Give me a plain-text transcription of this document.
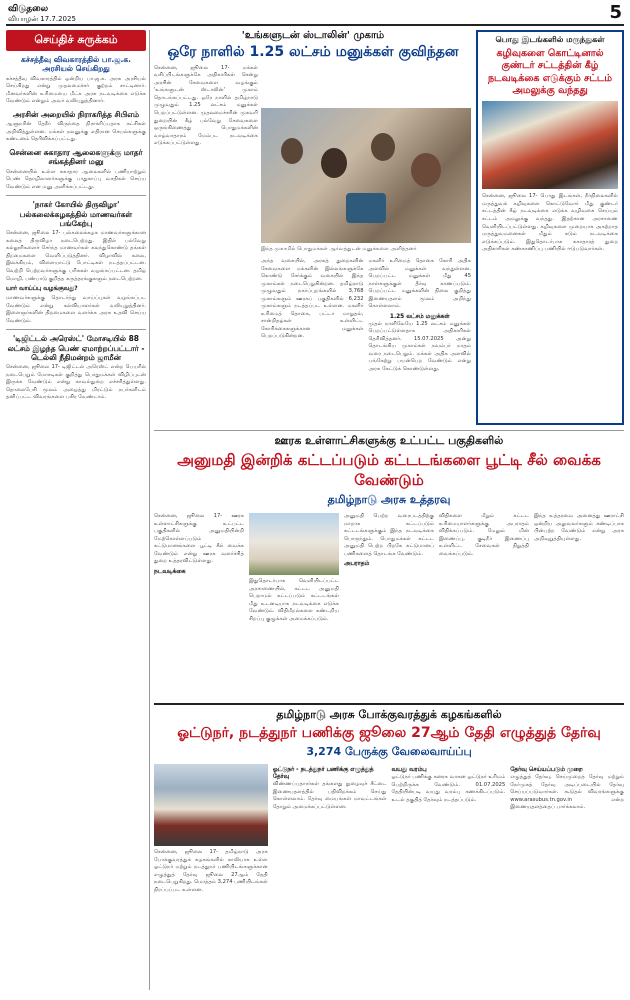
விடுதலை
வியாழன் 17.7.2025	5
செய்திச் சுருக்கம்
கச்சத்தீவு விவகாரத்தில் பா.ஜ.க. அரசியல் செய்கிறது
கச்சத்தீவு விவகாரத்தில் ஒன்றிய பா.ஜ.க. அரசு அரசியல் செய்கிறது என்று முதலமைச்சர் குற்றம் சாட்டினார். மீனவர்களின் உரிமையை மீட்க அரசு நடவடிக்கை எடுக்க வேண்டும் என்றும் அவர் வலியுறுத்தினார்.
அரசின் அறையில் நிராகரித்த சிபிஎம்
ஆளுநரின் தேநீர் விருந்தை நிராகரிப்பதாக கட்சிகள் அறிவித்துள்ளன. மக்கள் நலனுக்கு எதிரான செயல்களுக்கு கண்டனம் தெரிவிக்கப்பட்டது.
சென்னை சுகாதார ஆலைகளுக்கு மாதர் சங்கத்தினர் மனு
சென்னையில் உள்ள சுகாதார ஆலைகளில் பணியாற்றும் பெண் தொழிலாளர்களுக்கு பாதுகாப்பு வசதிகள் செய்ய வேண்டும் என மனு அளிக்கப்பட்டது.
'நாகர் கோயில் திருவிழா' பல்கலைக்கழகத்தில் மாணவர்கள் பங்கேற்பு
சென்னை, ஜூலை 17- பல்கலைக்கழக மாணவர்களுக்கான கலைத் திருவிழா நடைபெற்றது. இதில் பல்வேறு கல்லூரிகளைச் சேர்ந்த மாணவர்கள் கலந்துகொண்டு தங்கள் திறமைகளை வெளிப்படுத்தினர். விழாவில் கலை, இலக்கியம், விளையாட்டு போட்டிகள் நடத்தப்பட்டன. வெற்றி பெற்றவர்களுக்கு பரிசுகள் வழங்கப்பட்டன. தமிழ் மொழி, பண்பாடு குறித்த கருத்தரங்குகளும் நடைபெற்றன.
யார் வாய்ப்பு வழங்குவது?
மாணவர்களுக்கு தொடர்ந்து வாய்ப்புகள் வழங்கப்பட வேண்டும் என்று கல்வியாளர்கள் வலியுறுத்தினர். இளைஞர்களின் திறமைகளை வளர்க்க அரசு உதவி செய்ய வேண்டும்.
'டிஜிட்டல் அரெஸ்ட்' மோசடியில் 88 லட்சம் இழந்த பெண் ஏமாற்றப்பட்டார் - டெல்லி நீதிமன்றம் ஜாமீன்
சென்னை, ஜூலை 17- டிஜிட்டல் அரெஸ்ட் என்ற பெயரில் நடைபெறும் மோசடிகள் குறித்து பொதுமக்கள் விழிப்புடன் இருக்க வேண்டும் என்று காவல்துறை எச்சரித்துள்ளது. தொலைபேசி மூலம் அழைத்து மிரட்டும் நபர்களிடம் தனிப்பட்ட விவரங்களை பகிர வேண்டாம்.
'உங்களுடன் ஸ்டாலின்' முகாம்
ஒரே நாளில் 1.25 லட்சம் மனுக்கள் குவிந்தன
சென்னை, ஜூலை 17- மக்கள் வசிப்பிடங்களுக்கே அதிகாரிகள் சென்று அரசின் சேவைகளை வழங்கும் 'உங்களுடன் ஸ்டாலின்' முகாம் தொடங்கப்பட்டது. ஒரே நாளில் தமிழ்நாடு முழுவதும் 1.25 லட்சம் மனுக்கள் பெறப்பட்டுள்ளன. முதலமைச்சரின் முகவரி துறையின் கீழ் பல்வேறு சேவைகளை ஒருங்கிணைத்து பொதுமக்களின் வாழ்வாதாரம் மேம்பட நடவடிக்கை எடுக்கப்பட்டுள்ளது.
இந்த முகாமில் பொதுமக்கள் ஆர்வத்துடன் மனுக்களை அளித்தனர்
அந்த வகையில், அரசுத் துறைகளின் சேவைகளை மக்களின் இல்லங்களுக்கே கொண்டு சேர்க்கும் வகையில் இந்த முகாம்கள் நடைபெறுகின்றன. தமிழ்நாடு முழுவதும் நகர்ப்புறங்களில் 3,768 முகாம்களும் ஊரகப் பகுதிகளில் 6,232 முகாம்களும் நடத்தப்பட உள்ளன. மகளிர் உரிமைத் தொகை, பட்டா மாறுதல், சான்றிதழ்கள் உள்ளிட்ட கோரிக்கைகளுக்கான மனுக்கள் பெறப்படுகின்றன.
மகளிர் உரிமைத் தொகை கோரி அதிக அளவில் மனுக்கள் வந்துள்ளன. பெறப்பட்ட மனுக்கள் மீது 45 நாள்களுக்குள் தீர்வு காணப்படும். பெறப்பட்ட மனுக்களின் நிலை குறித்து இணையதளம் மூலம் அறிந்து கொள்ளலாம்.
1.25 லட்சம் மனுக்கள்
முதல் நாளிலேயே 1.25 லட்சம் மனுக்கள் பெறப்பட்டுள்ளதாக அதிகாரிகள் தெரிவித்தனர். 15.07.2025 அன்று தொடங்கிய முகாம்கள் நவம்பர் மாதம் வரை நடைபெறும். மக்கள் அதிக அளவில் பங்கேற்று பயன்பெற வேண்டும் என்று அரசு கேட்டுக் கொண்டுள்ளது.
பொது இடங்களில் மருந்துகள்
கழிவுகளை கொட்டினால் குண்டர் சட்டத்தின் கீழ் நடவடிக்கை எடுக்கும் சட்டம் அமலுக்கு வந்தது
சென்னை, ஜூலை 17- பொது இடங்கள், நீர்நிலைகளில் மருத்துவக் கழிவுகளை கொட்டுவோர் மீது குண்டர் சட்டத்தின் கீழ் நடவடிக்கை எடுக்க வழிவகை செய்யும் சட்டம் அமலுக்கு வந்தது. இதற்கான அரசாணை வெளியிடப்பட்டுள்ளது. கழிவுகளை முறையாக அகற்றாத மருத்துவமனைகள் மீதும் கடும் நடவடிக்கை எடுக்கப்படும். இதுதொடர்பாக சுகாதாரத் துறை அதிகாரிகள் கண்காணிப்பு பணியில் ஈடுபடுவார்கள்.
ஊரக உள்ளாட்சிகளுக்கு உட்பட்ட பகுதிகளில்
அனுமதி இன்றிக் கட்டப்படும் கட்டடங்களை பூட்டி சீல் வைக்க வேண்டும்
தமிழ்நாடு அரசு உத்தரவு
சென்னை, ஜூலை 17- ஊரக உள்ளாட்சிகளுக்கு உட்பட்ட பகுதிகளில் அனுமதியின்றி மேற்கொள்ளப்படும் கட்டுமானங்களை பூட்டி சீல் வைக்க வேண்டும் என்று ஊரக வளர்ச்சித் துறை உத்தரவிட்டுள்ளது.
நடவடிக்கை
இதுதொடர்பாக வெளியிடப்பட்ட அரசாணையில், கட்டட அனுமதி பெறாமல் கட்டப்படும் கட்டடங்கள் மீது உடனடியாக நடவடிக்கை எடுக்க வேண்டும். விதிமீறல்களை கண்டறிய சிறப்பு குழுக்கள் அமைக்கப்படும்.
அனுமதி பெற்ற வரைபடத்திற்கு மாறாக கட்டப்படும் கட்டடங்களுக்கும் இந்த நடவடிக்கை பொருந்தும். பொதுமக்கள் கட்டட அனுமதி பெற்ற பிறகே கட்டுமானப் பணிகளைத் தொடங்க வேண்டும்.
அபராதம்
விதிகளை மீறும் கட்டட உரிமையாளர்களுக்கு அபராதம் விதிக்கப்படும். மேலும் மின் இணைப்பு, குடிநீர் இணைப்பு உள்ளிட்ட சேவைகள் நிறுத்தி வைக்கப்படும்.
இந்த உத்தரவை அனைத்து ஊராட்சி ஒன்றிய அலுவலர்களும் கண்டிப்பாக பின்பற்ற வேண்டும் என்று அரசு அறிவுறுத்தியுள்ளது.
தமிழ்நாடு அரசு போக்குவரத்துக் கழகங்களில்
ஓட்டுநர், நடத்துநர் பணிக்கு ஜூலை 27ஆம் தேதி எழுத்துத் தேர்வு
3,274 பேருக்கு வேலைவாய்ப்பு
சென்னை, ஜூலை 17- தமிழ்நாடு அரசு போக்குவரத்துக் கழகங்களில் காலியாக உள்ள ஓட்டுநர் மற்றும் நடத்துநர் பணியிடங்களுக்கான எழுத்துத் தேர்வு ஜூலை 27ஆம் தேதி நடைபெறுகிறது. மொத்தம் 3,274 பணியிடங்கள் நிரப்பப்பட உள்ளன.
ஓட்டுநர் - நடத்துநர் பணிக்கு எழுத்துத் தேர்வு
விண்ணப்பதாரர்கள் தங்களது நுழைவுச் சீட்டை இணையதளத்தில் பதிவிறக்கம் செய்து கொள்ளலாம். தேர்வு மையங்கள் மாவட்டங்கள் தோறும் அமைக்கப்பட்டுள்ளன.
வயது வரம்பு
ஓட்டுநர் பணிக்கு கனரக வாகன ஓட்டுநர் உரிமம் பெற்றிருக்க வேண்டும். 01.07.2025 தேதியின்படி வயது வரம்பு கணக்கிடப்படும். உடல் தகுதித் தேர்வும் நடத்தப்படும்.
தேர்வு செய்யப்படும் முறை
எழுத்துத் தேர்வு, செய்முறைத் தேர்வு மற்றும் நேர்முகத் தேர்வு அடிப்படையில் தேர்வு செய்யப்படுவார்கள். கூடுதல் விவரங்களுக்கு www.arasubus.tn.gov.in என்ற இணையதளத்தைப் பார்க்கலாம்.
